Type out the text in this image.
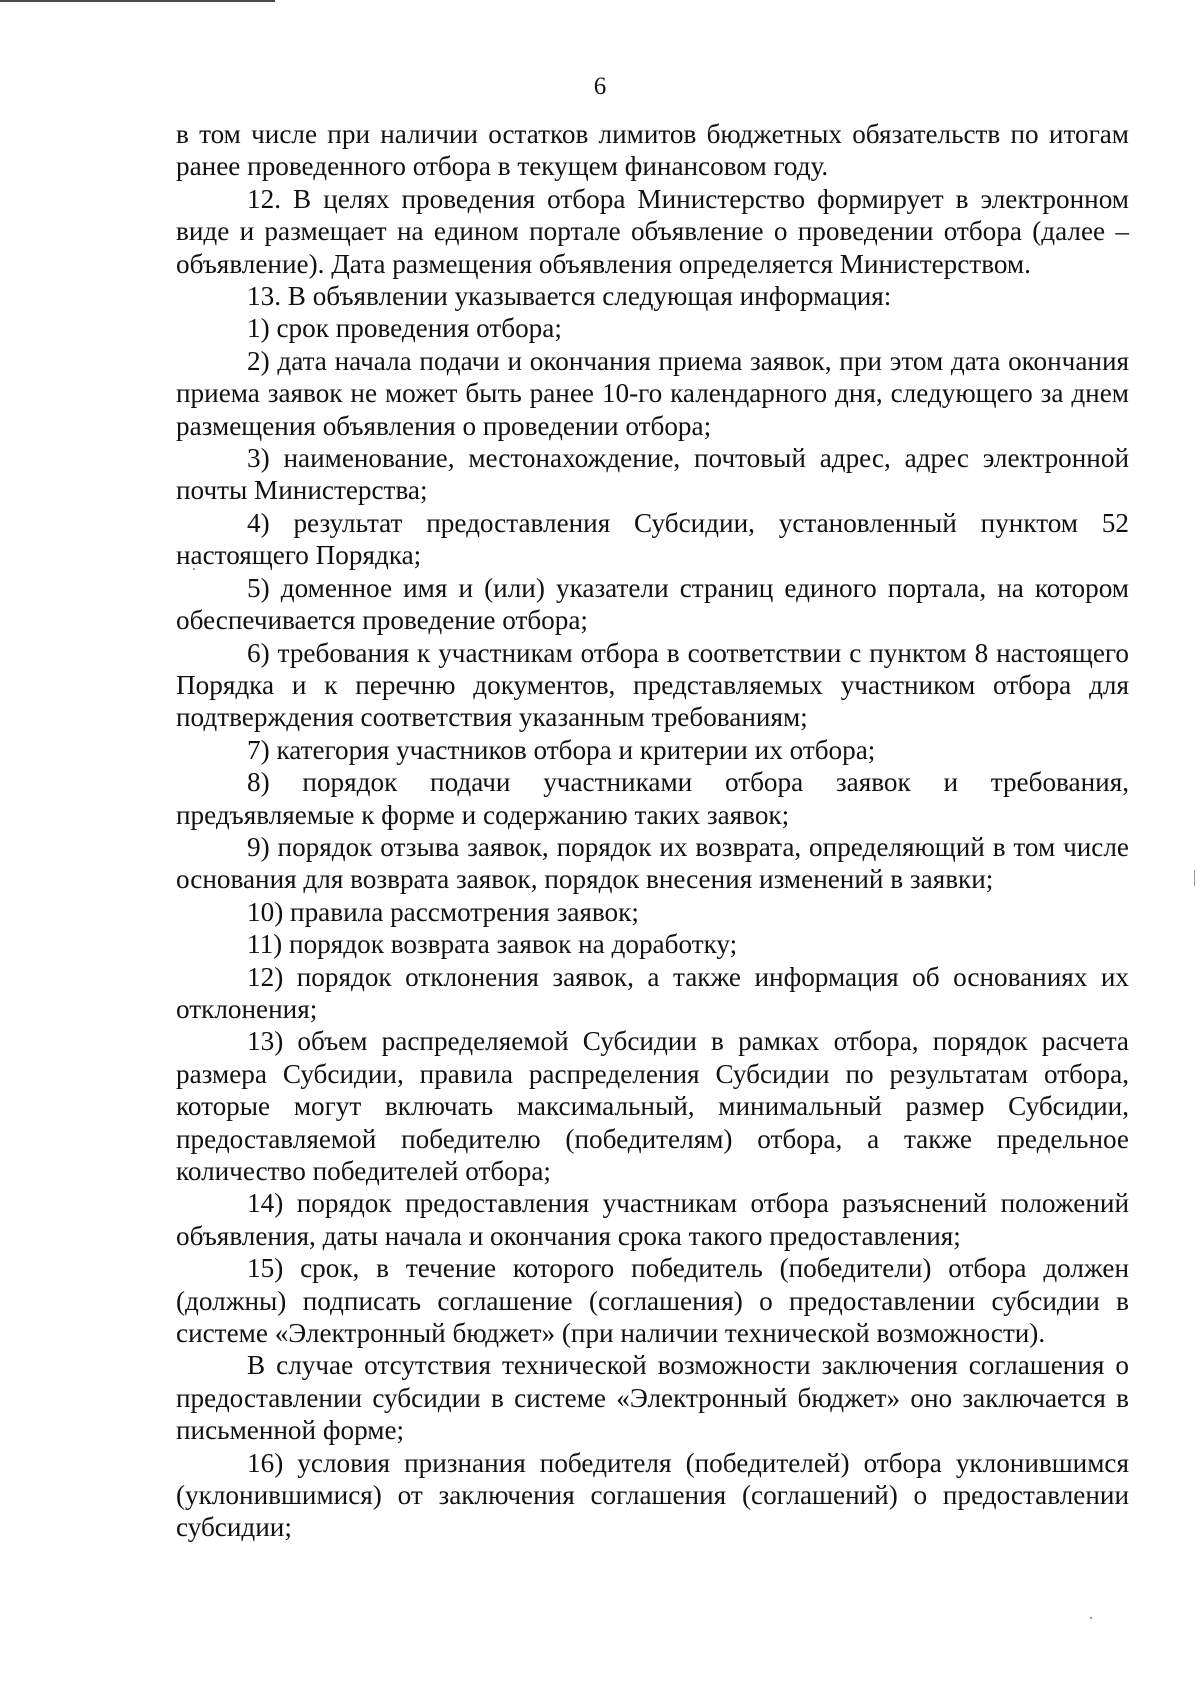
6

в том числе при наличии остатков лимитов бюджетных обязательств по итогам ранее проведенного отбора в текущем финансовом году.

12. В целях проведения отбора Министерство формирует в электронном виде и размещает на едином портале объявление о проведении отбора (далее – объявление). Дата размещения объявления определяется Министерством.

13. В объявлении указывается следующая информация:

1) срок проведения отбора;

2) дата начала подачи и окончания приема заявок, при этом дата окончания приема заявок не может быть ранее 10-го календарного дня, следующего за днем размещения объявления о проведении отбора;

3) наименование, местонахождение, почтовый адрес, адрес электронной почты Министерства;

4) результат предоставления Субсидии, установленный пунктом 52 настоящего Порядка;

5) доменное имя и (или) указатели страниц единого портала, на котором обеспечивается проведение отбора;

6) требования к участникам отбора в соответствии с пунктом 8 настоящего Порядка и к перечню документов, представляемых участником отбора для подтверждения соответствия указанным требованиям;

7) категория участников отбора и критерии их отбора;

8) порядок подачи участниками отбора заявок и требования, предъявляемые к форме и содержанию таких заявок;

9) порядок отзыва заявок, порядок их возврата, определяющий в том числе основания для возврата заявок, порядок внесения изменений в заявки;

10) правила рассмотрения заявок;

11) порядок возврата заявок на доработку;

12) порядок отклонения заявок, а также информация об основаниях их отклонения;

13) объем распределяемой Субсидии в рамках отбора, порядок расчета размера Субсидии, правила распределения Субсидии по результатам отбора, которые могут включать максимальный, минимальный размер Субсидии, предоставляемой победителю (победителям) отбора, а также предельное количество победителей отбора;

14) порядок предоставления участникам отбора разъяснений положений объявления, даты начала и окончания срока такого предоставления;

15) срок, в течение которого победитель (победители) отбора должен (должны) подписать соглашение (соглашения) о предоставлении субсидии в системе «Электронный бюджет» (при наличии технической возможности).

В случае отсутствия технической возможности заключения соглашения о предоставлении субсидии в системе «Электронный бюджет» оно заключается в письменной форме;

16) условия признания победителя (победителей) отбора уклонившимся (уклонившимися) от заключения соглашения (соглашений) о предоставлении субсидии;
